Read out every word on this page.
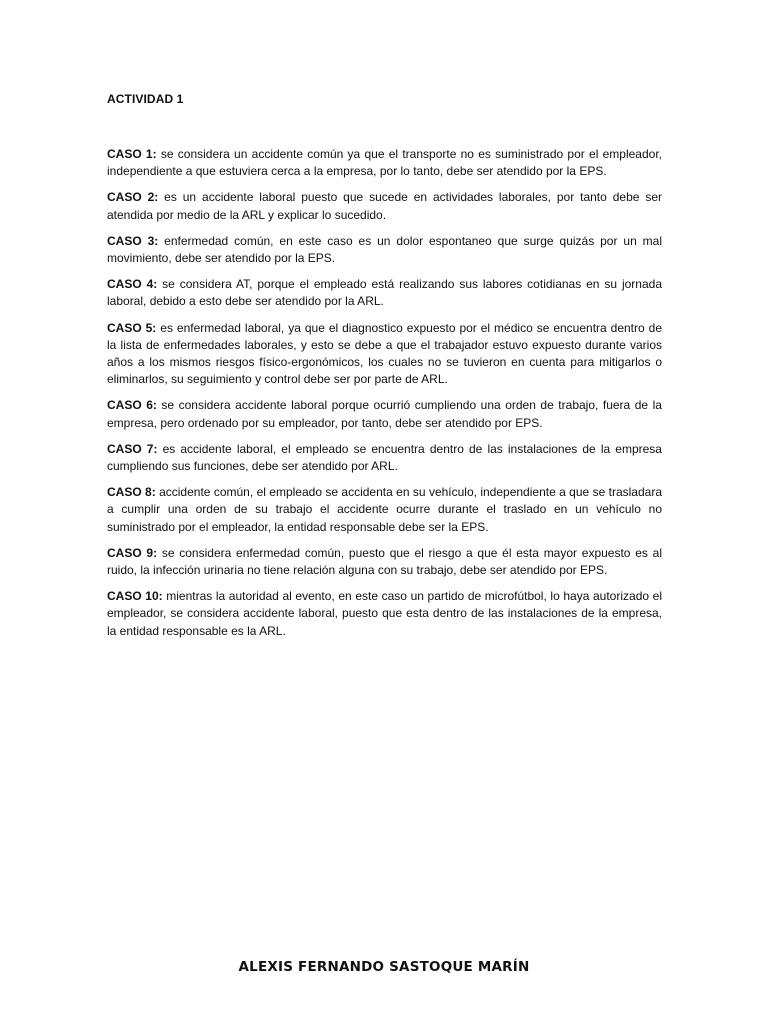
ACTIVIDAD 1

CASO 1: se considera un accidente común ya que el transporte no es suministrado por el empleador, independiente a que estuviera cerca a la empresa, por lo tanto, debe ser atendido por la EPS.

CASO 2: es un accidente laboral puesto que sucede en actividades laborales, por tanto debe ser atendida por medio de la ARL y explicar lo sucedido.

CASO 3: enfermedad común, en este caso es un dolor espontaneo que surge quizás por un mal movimiento, debe ser atendido por la EPS.

CASO 4: se considera AT, porque el empleado está realizando sus labores cotidianas en su jornada laboral, debido a esto debe ser atendido por la ARL.

CASO 5: es enfermedad laboral, ya que el diagnostico expuesto por el médico se encuentra dentro de la lista de enfermedades laborales, y esto se debe a que el trabajador estuvo expuesto durante varios años a los mismos riesgos físico-ergonómicos, los cuales no se tuvieron en cuenta para mitigarlos o eliminarlos, su seguimiento y control debe ser por parte de ARL.

CASO 6: se considera accidente laboral porque ocurrió cumpliendo una orden de trabajo, fuera de la empresa, pero ordenado por su empleador, por tanto, debe ser atendido por EPS.

CASO 7: es accidente laboral, el empleado se encuentra dentro de las instalaciones de la empresa cumpliendo sus funciones, debe ser atendido por ARL.

CASO 8: accidente común, el empleado se accidenta en su vehículo, independiente a que se trasladara a cumplir una orden de su trabajo el accidente ocurre durante el traslado en un vehículo no suministrado por el empleador, la entidad responsable debe ser la EPS.

CASO 9: se considera enfermedad común, puesto que el riesgo a que él esta mayor expuesto es al ruido, la infección urinaria no tiene relación alguna con su trabajo, debe ser atendido por EPS.

CASO 10: mientras la autoridad al evento, en este caso un partido de microfútbol, lo haya autorizado el empleador, se considera accidente laboral, puesto que esta dentro de las instalaciones de la empresa, la entidad responsable es la ARL.

ALEXIS FERNANDO SASTOQUE MARÍN
